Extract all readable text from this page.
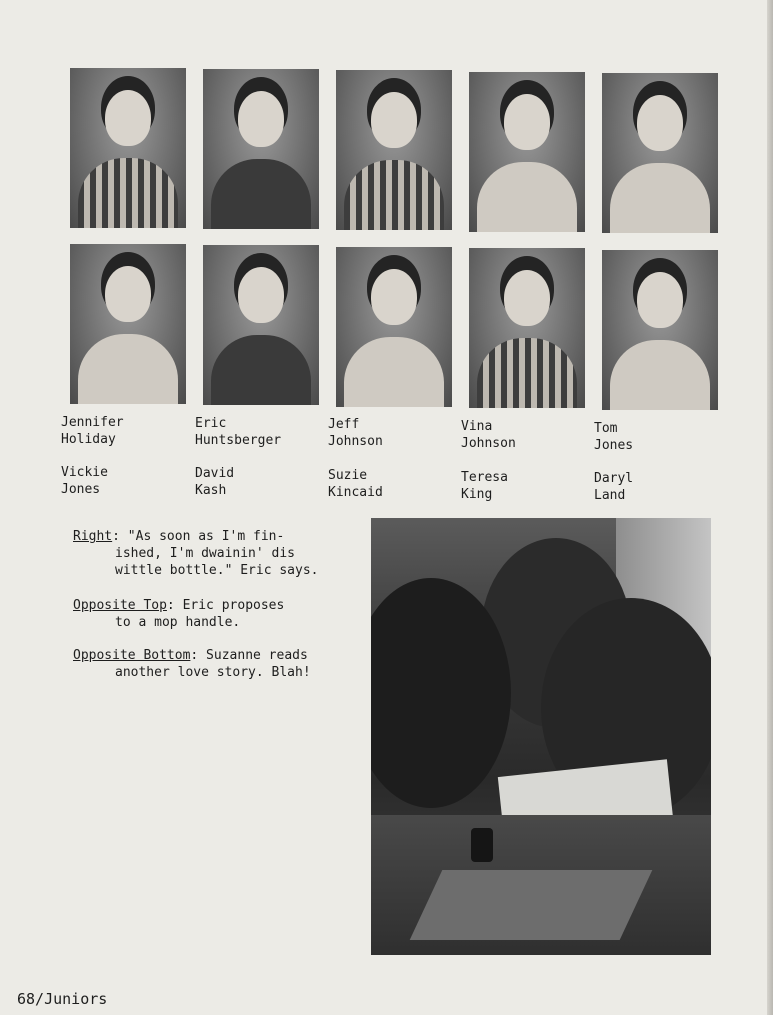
Jennifer
Holiday
Eric
Huntsberger
Jeff
Johnson
Vina
Johnson
Tom
Jones
Vickie
Jones
David
Kash
Suzie
Kincaid
Teresa
King
Daryl
Land
Right: "As soon as I'm fin-
ished, I'm dwainin' dis
wittle bottle." Eric says.
Opposite Top: Eric proposes
to a mop handle.
Opposite Bottom: Suzanne reads
another love story. Blah!
68/Juniors
